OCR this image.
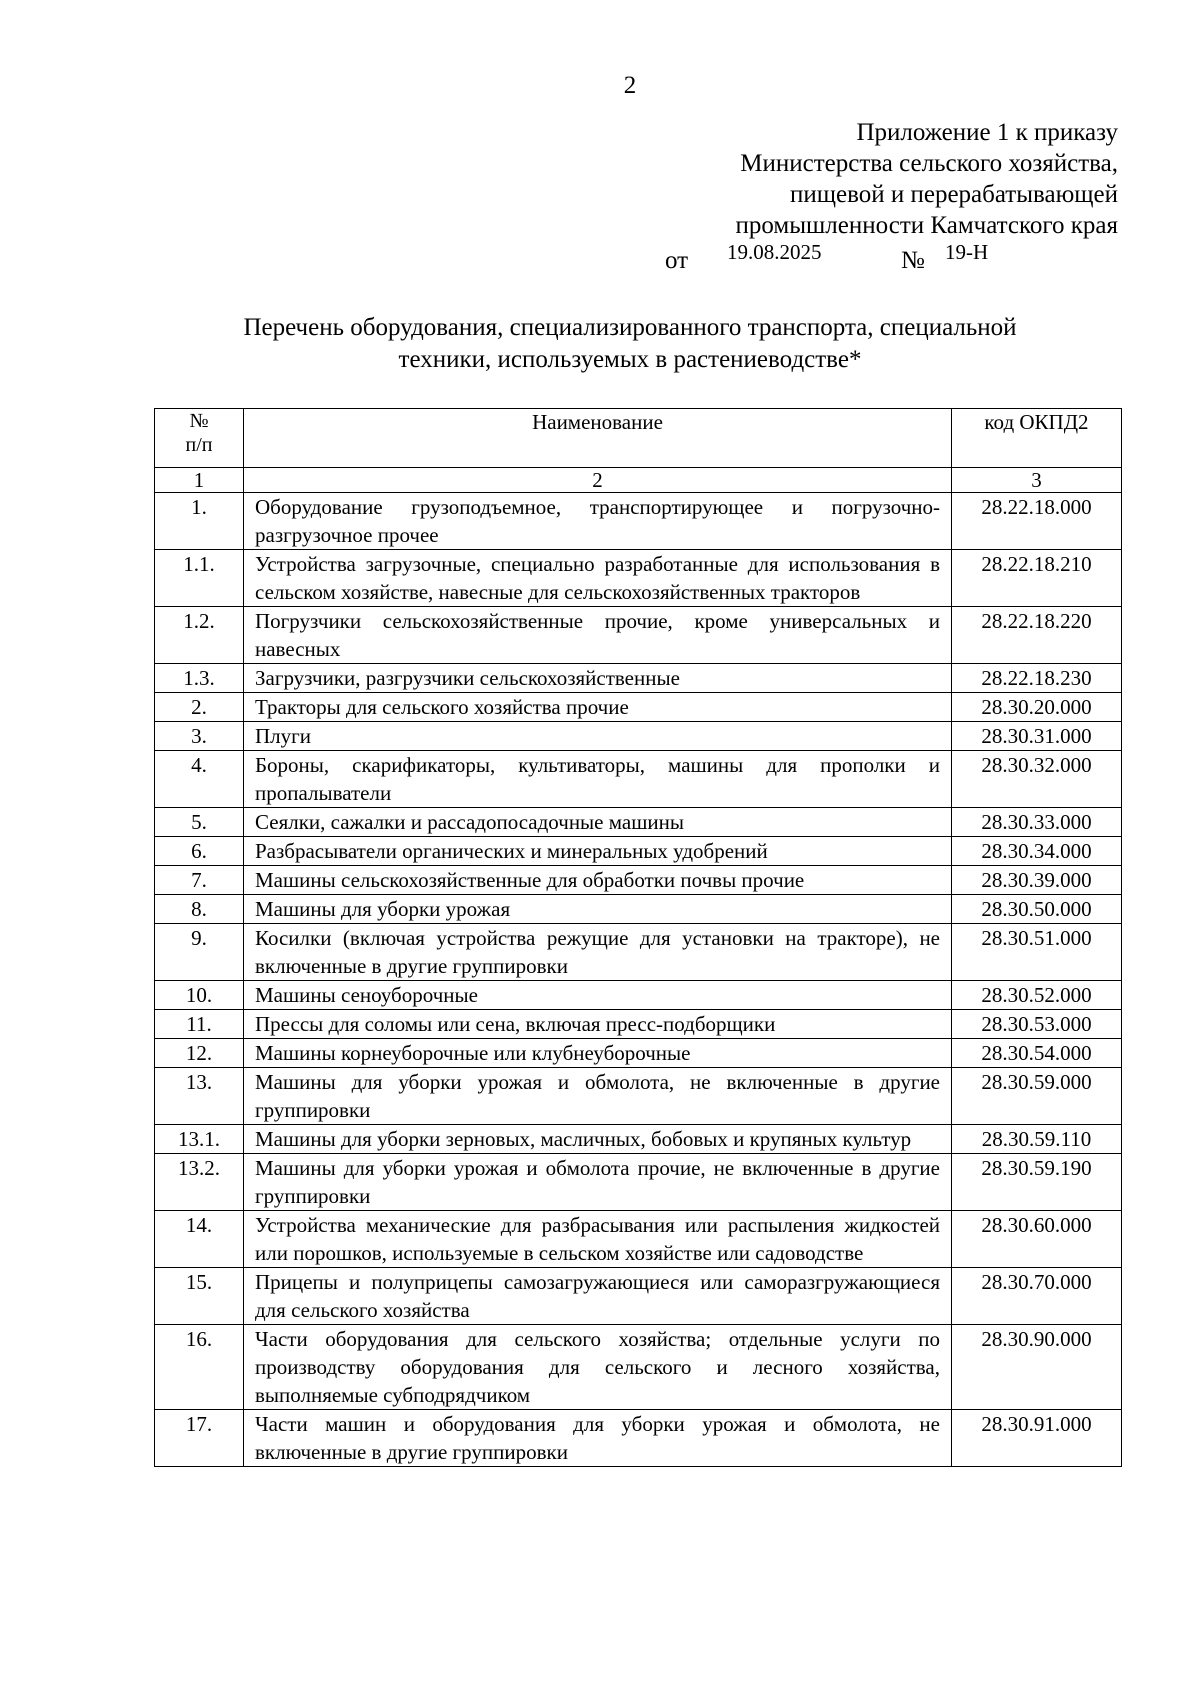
2
Приложение 1 к приказу
Министерства сельского хозяйства,
пищевой и перерабатывающей
промышленности Камчатского края
от 19.08.2025	№ 19-Н
Перечень оборудования, специализированного транспорта, специальной
техники, используемых в растениеводстве*
№
п/п	Наименование	код ОКПД2
1	2	3
1.	Оборудование грузоподъемное, транспортирующее и погрузочно-разгрузочное прочее	28.22.18.000
1.1.	Устройства загрузочные, специально разработанные для использования в сельском хозяйстве, навесные для сельскохозяйственных тракторов	28.22.18.210
1.2.	Погрузчики сельскохозяйственные прочие, кроме универсальных и навесных	28.22.18.220
1.3.	Загрузчики, разгрузчики сельскохозяйственные	28.22.18.230
2.	Тракторы для сельского хозяйства прочие	28.30.20.000
3.	Плуги	28.30.31.000
4.	Бороны, скарификаторы, культиваторы, машины для прополки и пропалыватели	28.30.32.000
5.	Сеялки, сажалки и рассадопосадочные машины	28.30.33.000
6.	Разбрасыватели органических и минеральных удобрений	28.30.34.000
7.	Машины сельскохозяйственные для обработки почвы прочие	28.30.39.000
8.	Машины для уборки урожая	28.30.50.000
9.	Косилки (включая устройства режущие для установки на тракторе), не включенные в другие группировки	28.30.51.000
10.	Машины сеноуборочные	28.30.52.000
11.	Прессы для соломы или сена, включая пресс-подборщики	28.30.53.000
12.	Машины корнеуборочные или клубнеуборочные	28.30.54.000
13.	Машины для уборки урожая и обмолота, не включенные в другие группировки	28.30.59.000
13.1.	Машины для уборки зерновых, масличных, бобовых и крупяных культур	28.30.59.110
13.2.	Машины для уборки урожая и обмолота прочие, не включенные в другие группировки	28.30.59.190
14.	Устройства механические для разбрасывания или распыления жидкостей или порошков, используемые в сельском хозяйстве или садоводстве	28.30.60.000
15.	Прицепы и полуприцепы самозагружающиеся или саморазгружающиеся для сельского хозяйства	28.30.70.000
16.	Части оборудования для сельского хозяйства; отдельные услуги по производству оборудования для сельского и лесного хозяйства, выполняемые субподрядчиком	28.30.90.000
17.	Части машин и оборудования для уборки урожая и обмолота, не включенные в другие группировки	28.30.91.000
